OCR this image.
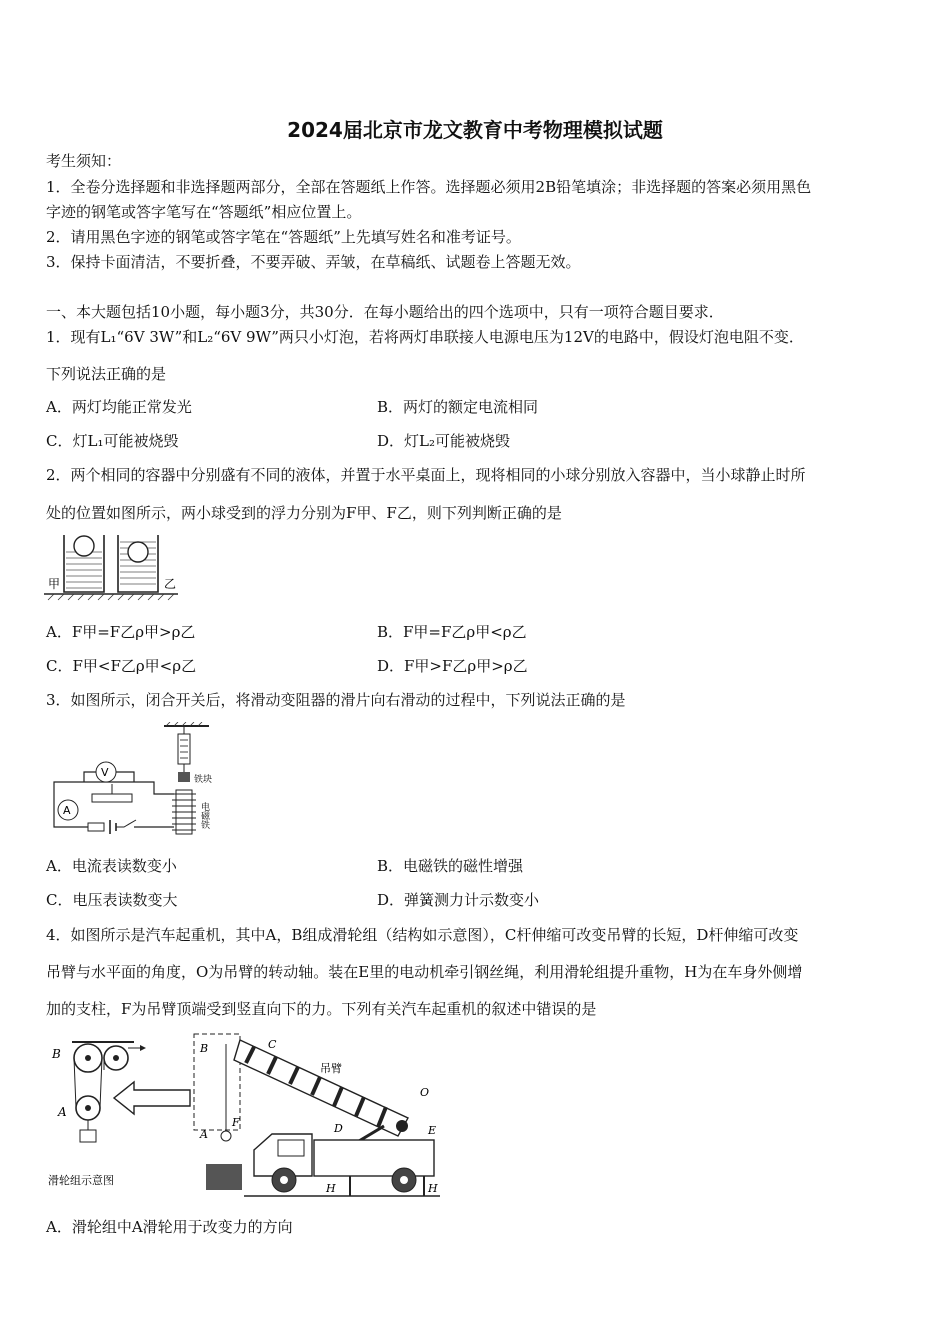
2024届北京市龙文教育中考物理模拟试题
考生须知：
1．全卷分选择题和非选择题两部分，全部在答题纸上作答。选择题必须用2B铅笔填涂；非选择题的答案必须用黑色
字迹的钢笔或答字笔写在“答题纸”相应位置上。
2．请用黑色字迹的钢笔或答字笔在“答题纸”上先填写姓名和准考证号。
3．保持卡面清洁，不要折叠，不要弄破、弄皱，在草稿纸、试题卷上答题无效。
一、本大题包括10小题，每小题3分，共30分．在每小题给出的四个选项中，只有一项符合题目要求．
1．现有L₁“6V 3W”和L₂“6V 9W”两只小灯泡，若将两灯串联接人电源电压为12V的电路中，假设灯泡电阻不变．
下列说法正确的是
A．两灯均能正常发光	B．两灯的额定电流相同
C．灯L₁可能被烧毁	D．灯L₂可能被烧毁
2．两个相同的容器中分别盛有不同的液体，并置于水平桌面上，现将相同的小球分别放入容器中，当小球静止时所
处的位置如图所示，两小球受到的浮力分别为F甲、F乙，则下列判断正确的是
甲	乙
A．F甲=F乙ρ甲>ρ乙	B．F甲=F乙ρ甲<ρ乙
C．F甲<F乙ρ甲<ρ乙	D．F甲>F乙ρ甲>ρ乙
3．如图所示，闭合开关后，将滑动变阻器的滑片向右滑动的过程中，下列说法正确的是
铁块
电磁铁
V
A
A．电流表读数变小	B．电磁铁的磁性增强
C．电压表读数变大	D．弹簧测力计示数变小
4．如图所示是汽车起重机，其中A，B组成滑轮组（结构如示意图），C杆伸缩可改变吊臂的长短，D杆伸缩可改变
吊臂与水平面的角度，O为吊臂的转动轴。装在E里的电动机牵引钢丝绳，利用滑轮组提升重物，H为在车身外侧增
加的支柱，F为吊臂顶端受到竖直向下的力。下列有关汽车起重机的叙述中错误的是
B
A
滑轮组示意图
B
A
F
C
吊臂
O
E
D
H	H
A．滑轮组中A滑轮用于改变力的方向
